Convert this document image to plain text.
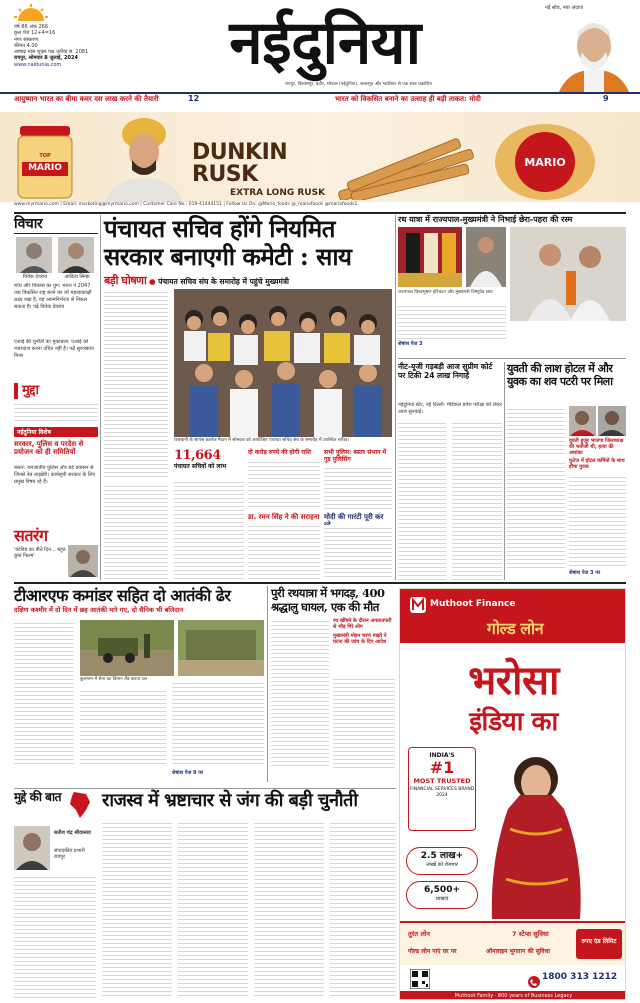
वर्ष 86 अंक 266
कुल पेज 12+4=16
नगर संस्करण
कीमत 4.00
आषाढ़ मास शुक्ल पक्ष तृतीया सं. 2081
रायपुर, सोमवार 8 जुलाई, 2024
www.naidunia.com	नईदुनिया	नई सोच, नया अंदाज
रायपुर, बिलासपुर, इंदौर, भोपाल (नईदुनिया), जबलपुर और ग्वालियर से एक साथ प्रकाशित
आयुष्मान भारत का बीमा कवर दस लाख करने की तैयारी	12	भारत को विकसित बनाने का उत्साह ही बड़ी ताकत: मोदी	9
MARIO
TOP	DUNKIN RUSK
EXTRA LONG RUSK
MARIO
www.myrmario.com | Email: marketing@myrmario.com | Customer Care No.: 019-41444151 | Follow Us On: @Mario_foods @_mariofoods @mariofoods1
विचार
विवेक देवराय	आदित्य सिन्हा
शोध और विकास का युग: भारत ने 2047 तक विकसित राष्ट्र बनने का जो महत्वाकांक्षी लक्ष्य रखा है, वह आत्मनिर्भरता से निकल सकता है। पढ़ें विवेक देवराय
एआई की चुनौती का मुकाबला: एआई को नजरंदाज करना उचित नहीं है। पढ़ें सुरजकांत मिश्रा
मुद्दा
नईदुनिया विशेष
सरकार, पुलिस व परदेस से प्रयोजन को ही समितियों
बस्तर: जनजातीय पुलिस और बड़े प्रवासन से जिनसे नेत्र लाइब्रेरी। कार्यसूची सरकार के लिए प्रमुख विषय रहे हैं।
सतरंग
'कोविड का बीते दिन... बहुत कुछ फिल्म'
पंचायत सचिव होंगे नियमित
सरकार बनाएगी कमेटी : साय
बड़ी घोषणा ● पंचायत सचिव संघ के समारोह में पहुंचे मुख्यमंत्री
राजधानी के सायंस कालेज मैदान में सोमवार को आयोजित पंचायत सचिव संघ के समारोह में उपस्थित सचिव।
11,664
पंचायत सचिवों को लाभ
दो करोड़ रुपये की होगी राशि	सभी पुलिस: बस्तर संभाग में गुड पुलिसिंग
डा. रमन सिंह ने की सराहना मोदी की गारंटी पूरी कर
रथ यात्रा में राज्यपाल-मुख्यमंत्री ने निभाई छेरा-पहरा की रस्म
राज्यपाल विश्वभूषण हरिचंदन और मुख्यमंत्री विष्णुदेव साय
शेषांश पेज 3
नीट-यूजी गड़बड़ी आज सुप्रीम कोर्ट पर टिकी 24 लाख निगाहें
नईदुनिया स्टेट, नई दिल्ली: मेडिकल प्रवेश परीक्षा को लेकर आज सुनवाई।
युवती की लाश होटल में और युवक का शव पटरी पर मिला
युवती हुजूर भाजपा जिलाध्यक्ष की भतीजी थी, हत्या की आशंका
फुटेज में होटल कर्मियों के साथ हौंचा युवक
शेषांश पेज 3 पर
टीआरएफ कमांडर सहित दो आतंकी ढेर
दक्षिण कश्मीर में दो दिन में छह आतंकी मारे गए, दो सैनिक भी बलिदान
कुलगाम में सेना का विमान लैंड करता दल
शेषांश पेज 9 पर
पुरी रथयात्रा में भगदड़, 400 श्रद्धालु घायल, एक की मौत
रथ खींचने के दौरान अफरातफरी से भीड़ गिरे लोग
मुख्यमंत्री मोहन चरण माझी ने घटना की जांच के दिए आदेश
मुद्दे की बात
सतीश चंद्र श्रीवास्तव
संपादकीय प्रभारी रायपुर
राजस्व में भ्रष्टाचार से जंग की बड़ी चुनौती
Muthoot Finance
गोल्ड लोन
भरोसा
इंडिया का
INDIA'S
#1
MOST TRUSTED
FINANCIAL SERVICES BRAND 2024
2.5 लाख+
लाखों को रोजगार
6,500+
शाखाएं
तुरंत लोन	7 स्टेप्स सुविधा
गोल्ड लोन पाएं घर पर	ऑनलाइन भुगतान की सुविधा
रुपए एंड लिमिट
1800 313 1212
Muthoot Family · 800 years of Business Legacy
